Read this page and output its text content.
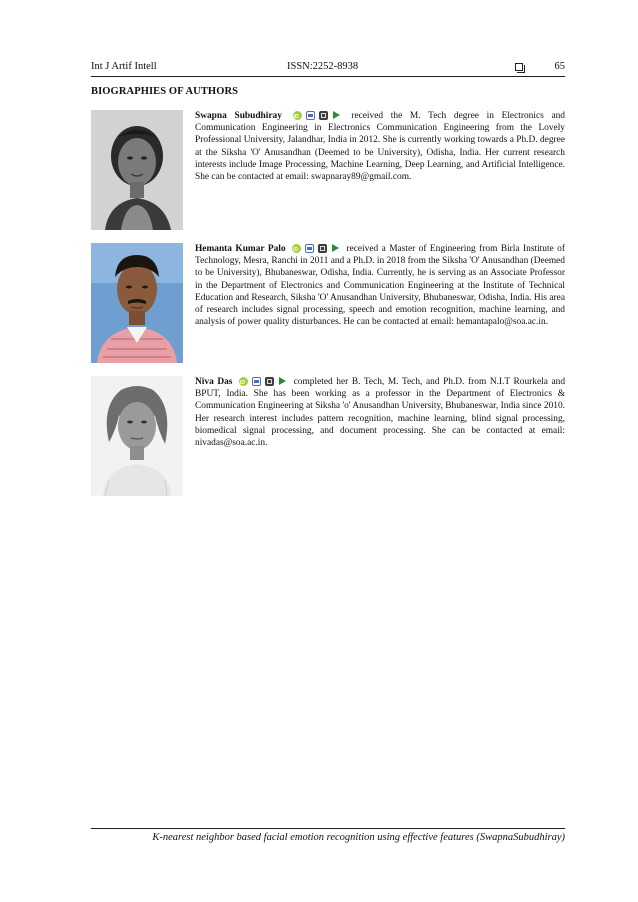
Int J Artif Intell	ISSN:2252-8938	65
BIOGRAPHIES OF AUTHORS
Swapna Subudhiray iD	received the M. Tech degree in Electronics and Communication Engineering in Electronics Communication Engineering from the Lovely Professional University, Jalandhar, India in 2012. She is currently working towards a Ph.D. degree at the Siksha 'O' Anusandhan (Deemed to be University), Odisha, India. Her current research interests include Image Processing, Machine Learning, Deep Learning, and Artificial Intelligence. She can be contacted at email: swapnaray89@gmail.com.
Hemanta Kumar Palo iD	received a Master of Engineering from Birla Institute of Technology, Mesra, Ranchi in 2011 and a Ph.D. in 2018 from the Siksha 'O' Anusandhan (Deemed to be University), Bhubaneswar, Odisha, India. Currently, he is serving as an Associate Professor in the Department of Electronics and Communication Engineering at the Institute of Technical Education and Research, Siksha 'O' Anusandhan University, Bhubaneswar, Odisha, India. His area of research includes signal processing, speech and emotion recognition, machine learning, and analysis of power quality disturbances. He can be contacted at email: hemantapalo@soa.ac.in.
Niva Das iD	completed her B. Tech, M. Tech, and Ph.D. from N.I.T Rourkela and BPUT, India. She has been working as a professor in the Department of Electronics & Communication Engineering at Siksha 'o' Anusandhan University, Bhubaneswar, India since 2010. Her research interest includes pattern recognition, machine learning, blind signal processing, biomedical signal processing, and document processing. She can be contacted at email: nivadas@soa.ac.in.
K-nearest neighbor based facial emotion recognition using effective features (SwapnaSubudhiray)
